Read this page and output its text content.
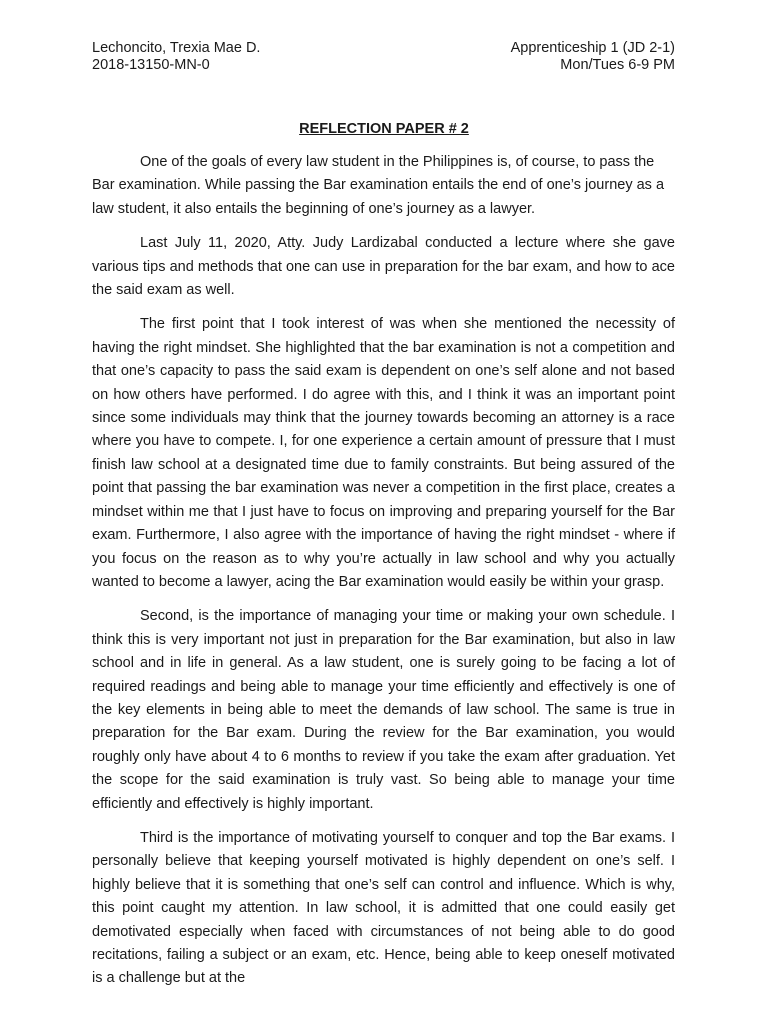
Lechoncito, Trexia Mae D.
2018-13150-MN-0
Apprenticeship 1 (JD 2-1)
Mon/Tues 6-9 PM
REFLECTION PAPER # 2

One of the goals of every law student in the Philippines is, of course, to pass the Bar examination. While passing the Bar examination entails the end of one’s journey as a law student, it also entails the beginning of one’s journey as a lawyer.

Last July 11, 2020, Atty. Judy Lardizabal conducted a lecture where she gave various tips and methods that one can use in preparation for the bar exam, and how to ace the said exam as well.

The first point that I took interest of was when she mentioned the necessity of having the right mindset. She highlighted that the bar examination is not a competition and that one’s capacity to pass the said exam is dependent on one’s self alone and not based on how others have performed. I do agree with this, and I think it was an important point since some individuals may think that the journey towards becoming an attorney is a race where you have to compete. I, for one experience a certain amount of pressure that I must finish law school at a designated time due to family constraints. But being assured of the point that passing the bar examination was never a competition in the first place, creates a mindset within me that I just have to focus on improving and preparing yourself for the Bar exam. Furthermore, I also agree with the importance of having the right mindset - where if you focus on the reason as to why you’re actually in law school and why you actually wanted to become a lawyer, acing the Bar examination would easily be within your grasp.

Second, is the importance of managing your time or making your own schedule. I think this is very important not just in preparation for the Bar examination, but also in law school and in life in general. As a law student, one is surely going to be facing a lot of required readings and being able to manage your time efficiently and effectively is one of the key elements in being able to meet the demands of law school. The same is true in preparation for the Bar exam. During the review for the Bar examination, you would roughly only have about 4 to 6 months to review if you take the exam after graduation. Yet the scope for the said examination is truly vast. So being able to manage your time efficiently and effectively is highly important.

Third is the importance of motivating yourself to conquer and top the Bar exams. I personally believe that keeping yourself motivated is highly dependent on one’s self. I highly believe that it is something that one’s self can control and influence. Which is why, this point caught my attention. In law school, it is admitted that one could easily get demotivated especially when faced with circumstances of not being able to do good recitations, failing a subject or an exam, etc. Hence, being able to keep oneself motivated is a challenge but at the
